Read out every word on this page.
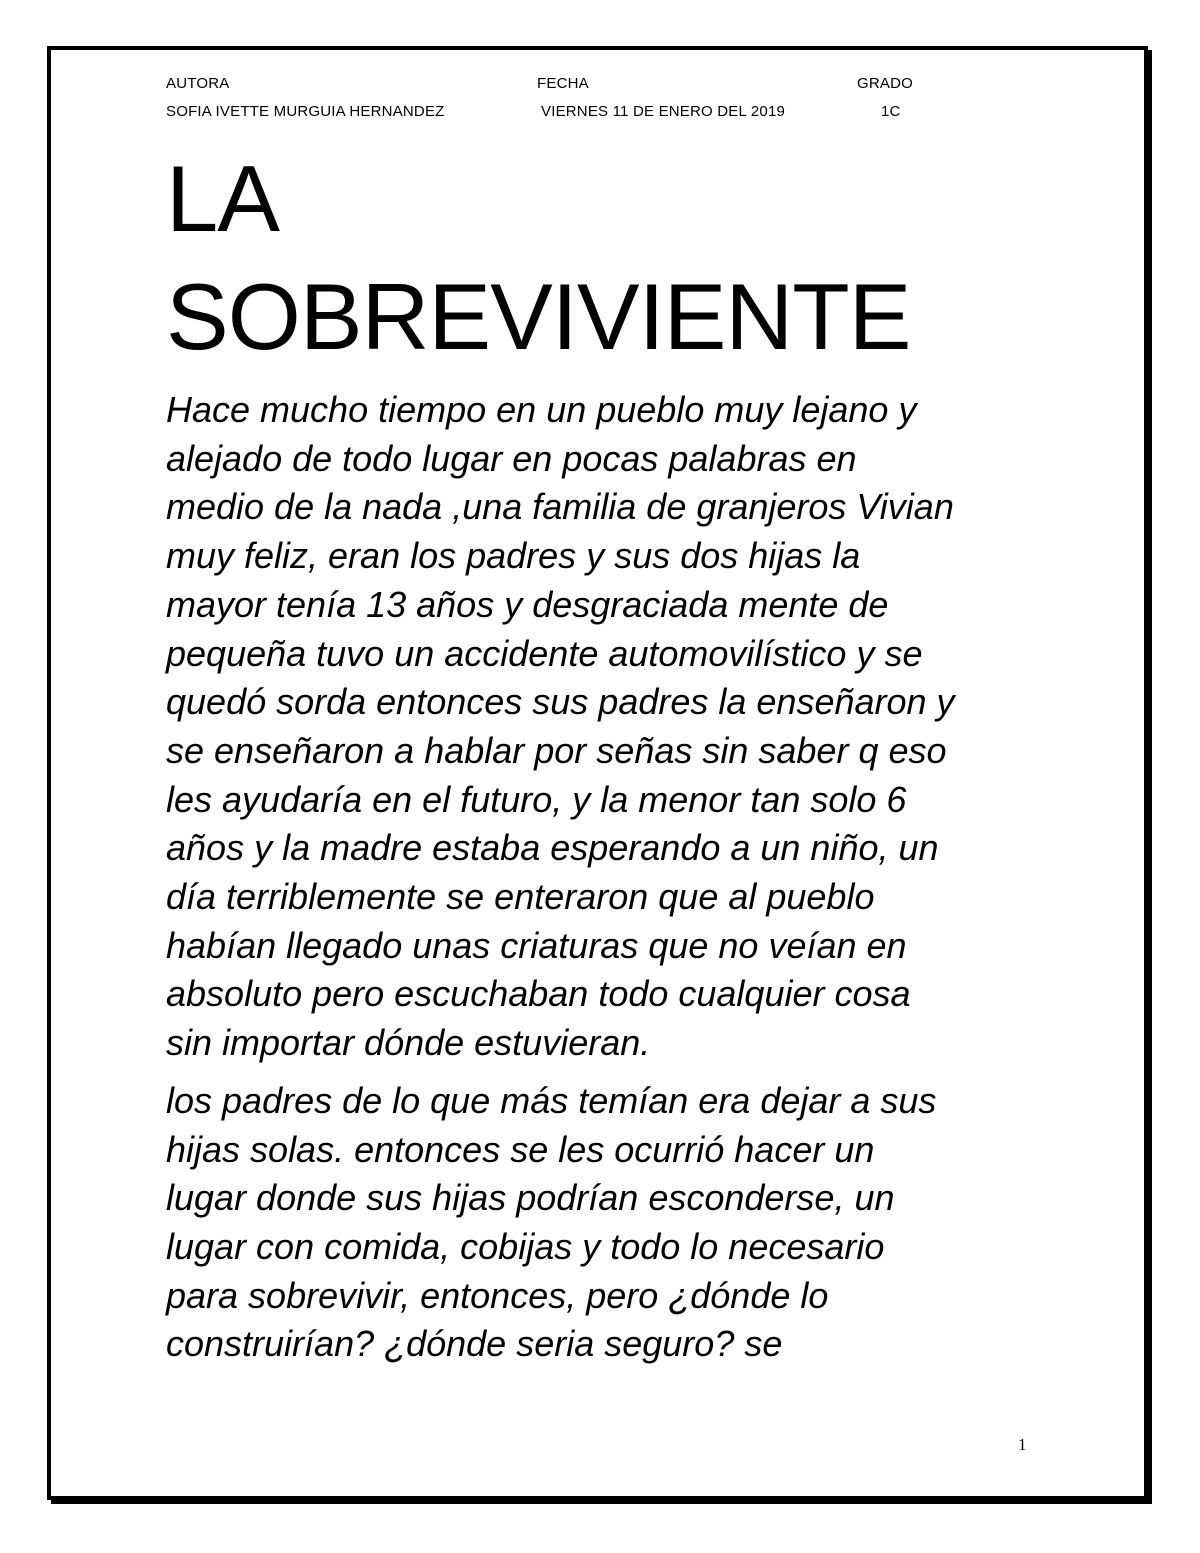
AUTORA	FECHA	GRADO
SOFIA IVETTE MURGUIA HERNANDEZ	VIERNES 11 DE ENERO DEL 2019	1C
LA
SOBREVIVIENTE

Hace mucho tiempo en un pueblo muy lejano y
alejado de todo lugar en pocas palabras en
medio de la nada ,una familia de granjeros Vivian
muy feliz, eran los padres y sus dos hijas la
mayor tenía 13 años y desgraciada mente de
pequeña tuvo un accidente automovilístico y se
quedó sorda entonces sus padres la enseñaron y
se enseñaron a hablar por señas sin saber q eso
les ayudaría en el futuro, y la menor tan solo 6
años y la madre estaba esperando a un niño, un
día terriblemente se enteraron que al pueblo
habían llegado unas criaturas que no veían en
absoluto pero escuchaban todo cualquier cosa
sin importar dónde estuvieran.

los padres de lo que más temían era dejar a sus
hijas solas. entonces se les ocurrió hacer un
lugar donde sus hijas podrían esconderse, un
lugar con comida, cobijas y todo lo necesario
para sobrevivir, entonces, pero ¿dónde lo
construirían? ¿dónde seria seguro? se

1
